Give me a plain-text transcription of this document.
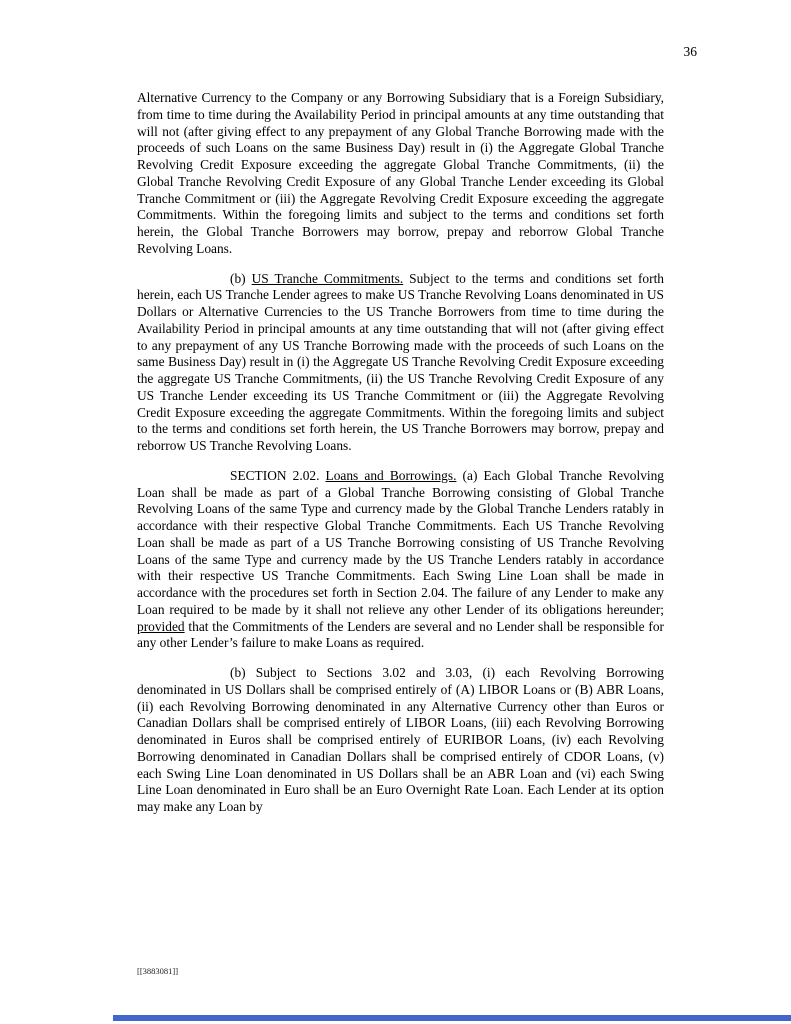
36

Alternative Currency to the Company or any Borrowing Subsidiary that is a Foreign Subsidiary, from time to time during the Availability Period in principal amounts at any time outstanding that will not (after giving effect to any prepayment of any Global Tranche Borrowing made with the proceeds of such Loans on the same Business Day) result in (i) the Aggregate Global Tranche Revolving Credit Exposure exceeding the aggregate Global Tranche Commitments, (ii) the Global Tranche Revolving Credit Exposure of any Global Tranche Lender exceeding its Global Tranche Commitment or (iii) the Aggregate Revolving Credit Exposure exceeding the aggregate Commitments. Within the foregoing limits and subject to the terms and conditions set forth herein, the Global Tranche Borrowers may borrow, prepay and reborrow Global Tranche Revolving Loans.

(b) US Tranche Commitments. Subject to the terms and conditions set forth herein, each US Tranche Lender agrees to make US Tranche Revolving Loans denominated in US Dollars or Alternative Currencies to the US Tranche Borrowers from time to time during the Availability Period in principal amounts at any time outstanding that will not (after giving effect to any prepayment of any US Tranche Borrowing made with the proceeds of such Loans on the same Business Day) result in (i) the Aggregate US Tranche Revolving Credit Exposure exceeding the aggregate US Tranche Commitments, (ii) the US Tranche Revolving Credit Exposure of any US Tranche Lender exceeding its US Tranche Commitment or (iii) the Aggregate Revolving Credit Exposure exceeding the aggregate Commitments. Within the foregoing limits and subject to the terms and conditions set forth herein, the US Tranche Borrowers may borrow, prepay and reborrow US Tranche Revolving Loans.

SECTION 2.02. Loans and Borrowings. (a) Each Global Tranche Revolving Loan shall be made as part of a Global Tranche Borrowing consisting of Global Tranche Revolving Loans of the same Type and currency made by the Global Tranche Lenders ratably in accordance with their respective Global Tranche Commitments. Each US Tranche Revolving Loan shall be made as part of a US Tranche Borrowing consisting of US Tranche Revolving Loans of the same Type and currency made by the US Tranche Lenders ratably in accordance with their respective US Tranche Commitments. Each Swing Line Loan shall be made in accordance with the procedures set forth in Section 2.04. The failure of any Lender to make any Loan required to be made by it shall not relieve any other Lender of its obligations hereunder; provided that the Commitments of the Lenders are several and no Lender shall be responsible for any other Lender’s failure to make Loans as required.

(b) Subject to Sections 3.02 and 3.03, (i) each Revolving Borrowing denominated in US Dollars shall be comprised entirely of (A) LIBOR Loans or (B) ABR Loans, (ii) each Revolving Borrowing denominated in any Alternative Currency other than Euros or Canadian Dollars shall be comprised entirely of LIBOR Loans, (iii) each Revolving Borrowing denominated in Euros shall be comprised entirely of EURIBOR Loans, (iv) each Revolving Borrowing denominated in Canadian Dollars shall be comprised entirely of CDOR Loans, (v) each Swing Line Loan denominated in US Dollars shall be an ABR Loan and (vi) each Swing Line Loan denominated in Euro shall be an Euro Overnight Rate Loan. Each Lender at its option may make any Loan by

[[3883081]]
